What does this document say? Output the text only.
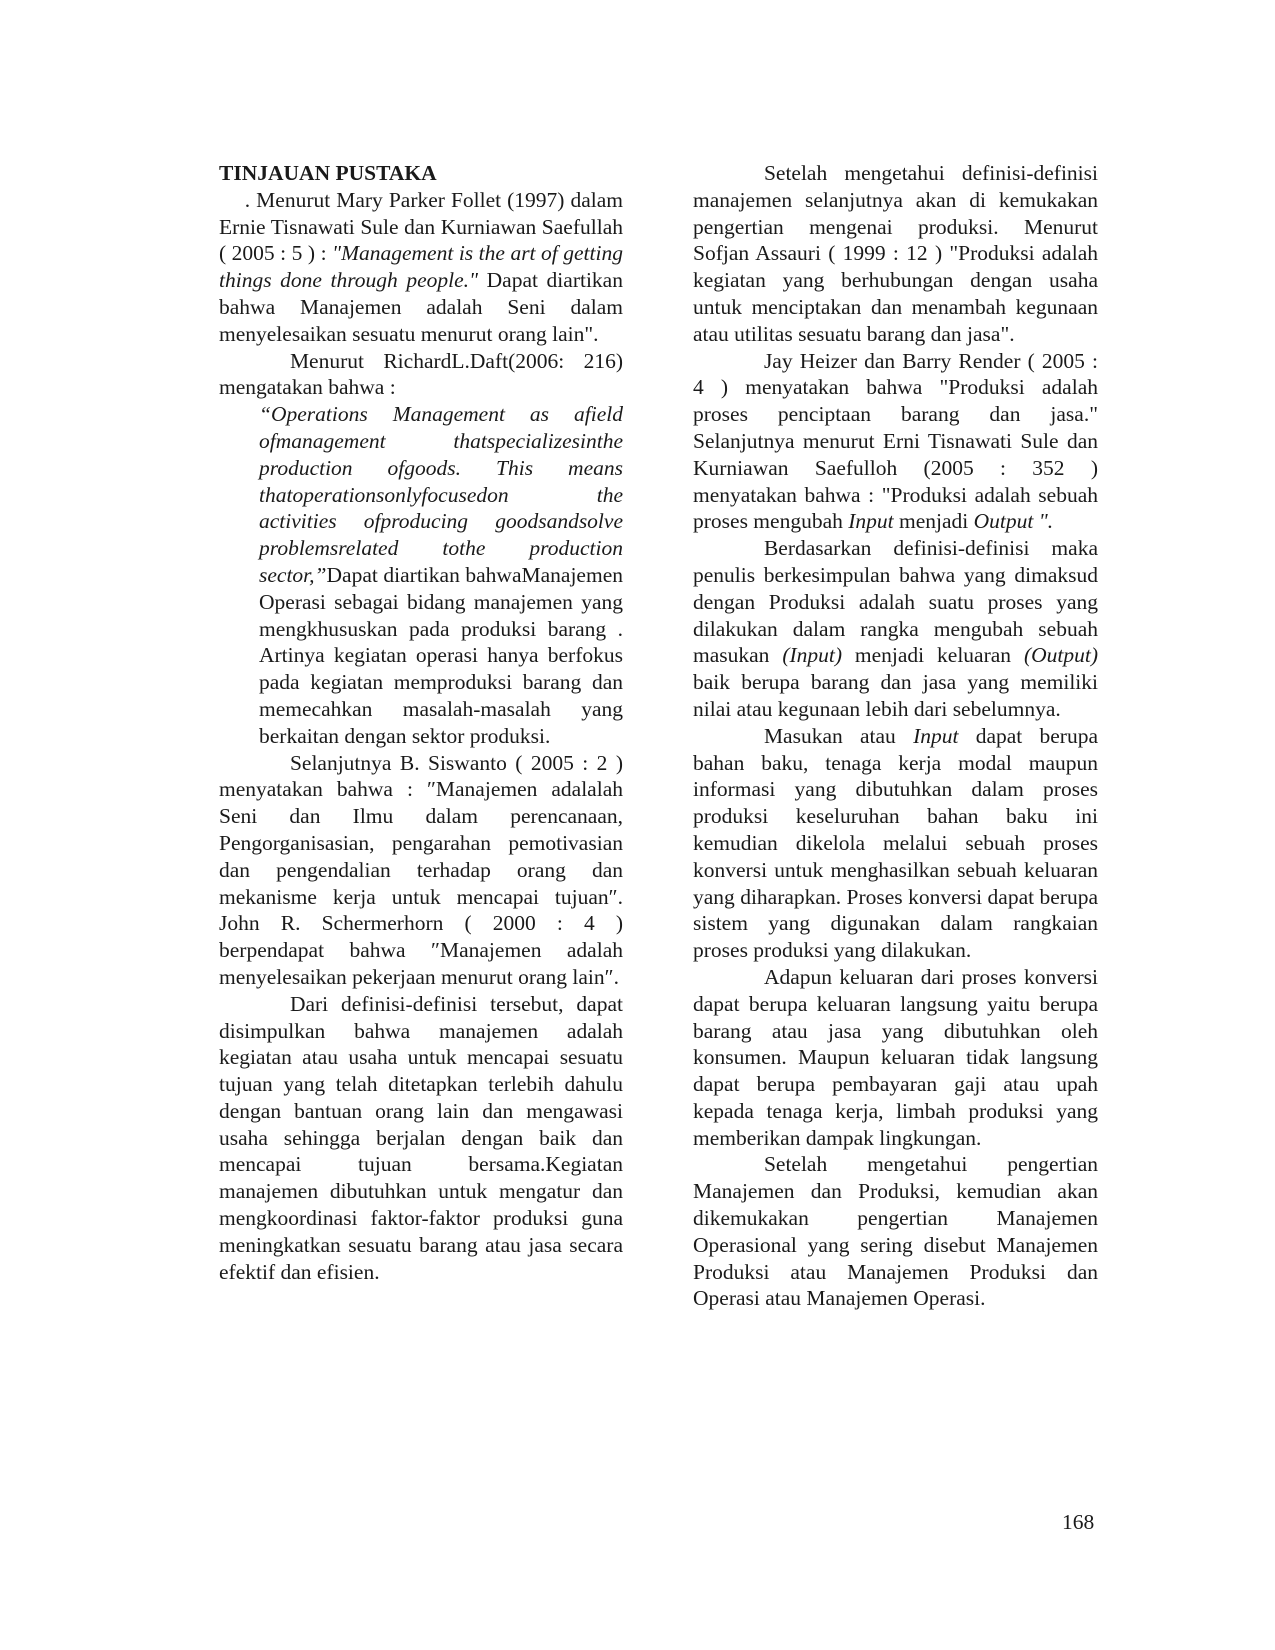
TINJAUAN PUSTAKA

. Menurut Mary Parker Follet (1997) dalam Ernie Tisnawati Sule dan Kurniawan Saefullah ( 2005 : 5 ) : "Management is the art of getting things done through people." Dapat diartikan bahwa Manajemen adalah Seni dalam menyelesaikan sesuatu menurut orang lain".

Menurut RichardL.Daft(2006: 216) mengatakan bahwa :

“Operations Management as afield ofmanagement thatspecializesinthe production ofgoods. This means thatoperationsonlyfocusedon the activities ofproducing goodsandsolve problemsrelated tothe production sector,”Dapat diartikan bahwaManajemen Operasi sebagai bidang manajemen yang mengkhususkan pada produksi barang . Artinya kegiatan operasi hanya berfokus pada kegiatan memproduksi barang dan memecahkan masalah-masalah yang berkaitan dengan sektor produksi.

Selanjutnya B. Siswanto ( 2005 : 2 ) menyatakan bahwa : ″Manajemen adalalah Seni dan Ilmu dalam perencanaan, Pengorganisasian, pengarahan pemotivasian dan pengendalian terhadap orang dan mekanisme kerja untuk mencapai tujuan″. John R. Schermerhorn ( 2000 : 4 ) berpendapat bahwa ″Manajemen adalah menyelesaikan pekerjaan menurut orang lain″.

Dari definisi-definisi tersebut, dapat disimpulkan bahwa manajemen adalah kegiatan atau usaha untuk mencapai sesuatu tujuan yang telah ditetapkan terlebih dahulu dengan bantuan orang lain dan mengawasi usaha sehingga berjalan dengan baik dan mencapai tujuan bersama.Kegiatan manajemen dibutuhkan untuk mengatur dan mengkoordinasi faktor-faktor produksi guna meningkatkan sesuatu barang atau jasa secara efektif dan efisien.

Setelah mengetahui definisi-definisi manajemen selanjutnya akan di kemukakan pengertian mengenai produksi. Menurut Sofjan Assauri ( 1999 : 12 ) "Produksi adalah kegiatan yang berhubungan dengan usaha untuk menciptakan dan menambah kegunaan atau utilitas sesuatu barang dan jasa".

Jay Heizer dan Barry Render ( 2005 : 4 ) menyatakan bahwa "Produksi adalah proses penciptaan barang dan jasa." Selanjutnya menurut Erni Tisnawati Sule dan Kurniawan Saefulloh (2005 : 352 ) menyatakan bahwa : "Produksi adalah sebuah proses mengubah Input menjadi Output ".

Berdasarkan definisi-definisi maka penulis berkesimpulan bahwa yang dimaksud dengan Produksi adalah suatu proses yang dilakukan dalam rangka mengubah sebuah masukan (Input) menjadi keluaran (Output) baik berupa barang dan jasa yang memiliki nilai atau kegunaan lebih dari sebelumnya.

Masukan atau Input dapat berupa bahan baku, tenaga kerja modal maupun informasi yang dibutuhkan dalam proses produksi keseluruhan bahan baku ini kemudian dikelola melalui sebuah proses konversi untuk menghasilkan sebuah keluaran yang diharapkan. Proses konversi dapat berupa sistem yang digunakan dalam rangkaian proses produksi yang dilakukan.

Adapun keluaran dari proses konversi dapat berupa keluaran langsung yaitu berupa barang atau jasa yang dibutuhkan oleh konsumen. Maupun keluaran tidak langsung dapat berupa pembayaran gaji atau upah kepada tenaga kerja, limbah produksi yang memberikan dampak lingkungan.

Setelah mengetahui pengertian Manajemen dan Produksi, kemudian akan dikemukakan pengertian Manajemen Operasional yang sering disebut Manajemen Produksi atau Manajemen Produksi dan Operasi atau Manajemen Operasi.

168
